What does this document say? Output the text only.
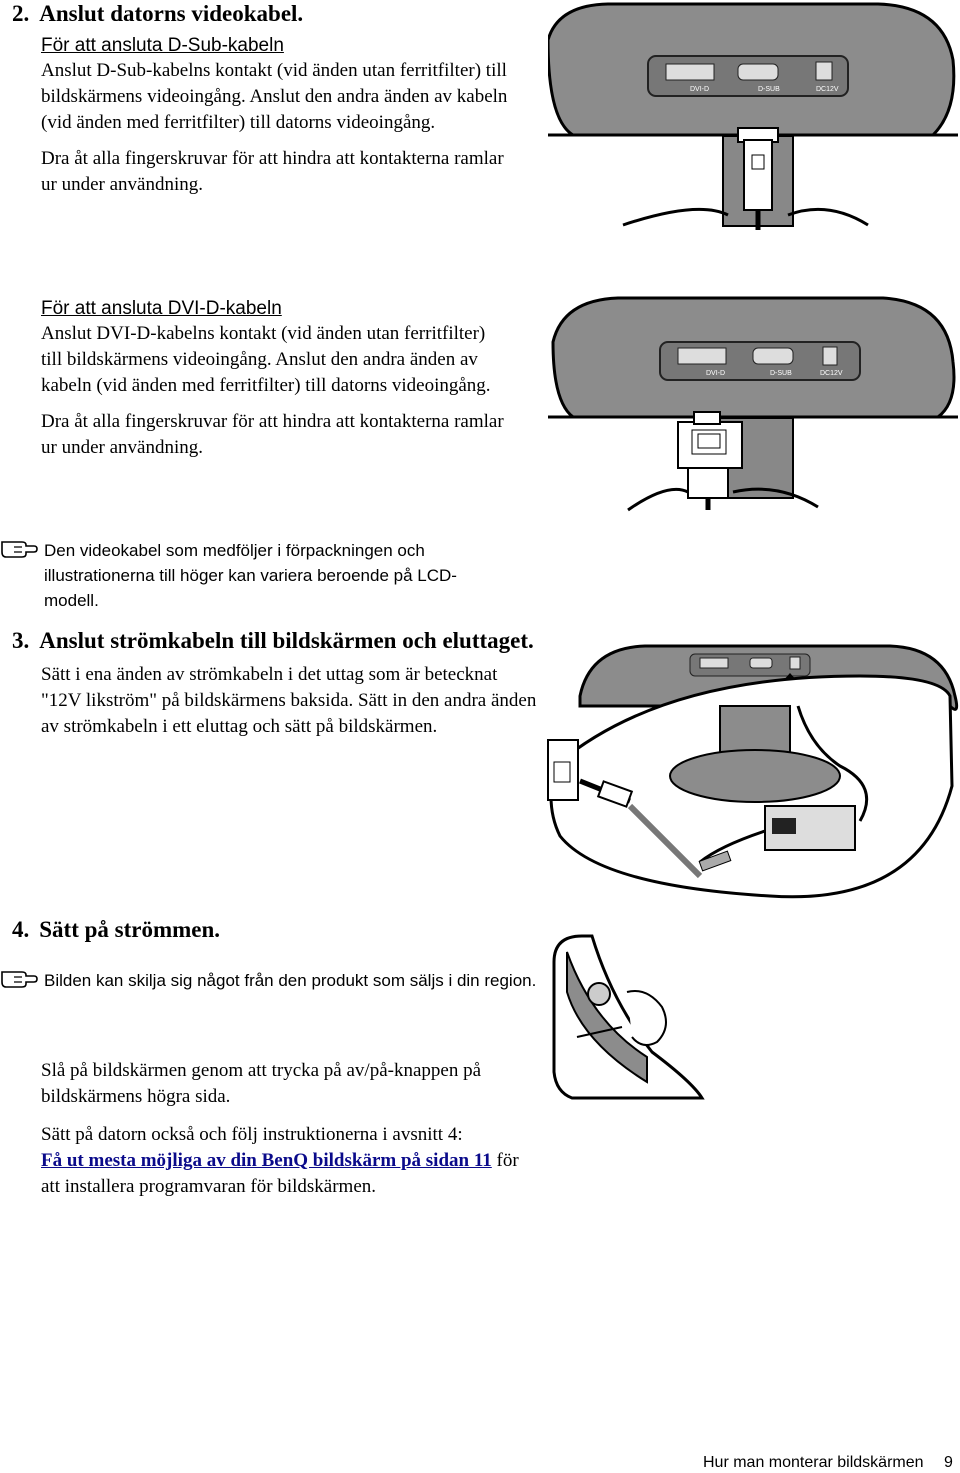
2. Anslut datorns videokabel.

För att ansluta D-Sub-kabeln

Anslut D-Sub-kabelns kontakt (vid änden utan ferritfilter) till bildskärmens videoingång. Anslut den andra änden av kabeln (vid änden med ferritfilter) till datorns videoingång.

Dra åt alla fingerskruvar för att hindra att kontakterna ramlar ur under användning.

DVI-D	D-SUB	DC12V

För att ansluta DVI-D-kabeln

Anslut DVI-D-kabelns kontakt (vid änden utan ferritfilter) till bildskärmens videoingång. Anslut den andra änden av kabeln (vid änden med ferritfilter) till datorns videoingång.

Dra åt alla fingerskruvar för att hindra att kontakterna ramlar ur under användning.

DVI-D	D-SUB	DC12V

Den videokabel som medföljer i förpackningen och illustrationerna till höger kan variera beroende på LCD-modell.

3. Anslut strömkabeln till bildskärmen och eluttaget.

Sätt i ena änden av strömkabeln i det uttag som är betecknat "12V likström" på bildskärmens baksida. Sätt in den andra änden av strömkabeln i ett eluttag och sätt på bildskärmen.

4. Sätt på strömmen.

Bilden kan skilja sig något från den produkt som säljs i din region.

Slå på bildskärmen genom att trycka på av/på-knappen på bildskärmens högra sida.

Sätt på datorn också och följ instruktionerna i avsnitt 4:
Få ut mesta möjliga av din BenQ bildskärm på sidan 11 för
att installera programvaran för bildskärmen.

Hur man monterar bildskärmen 9
